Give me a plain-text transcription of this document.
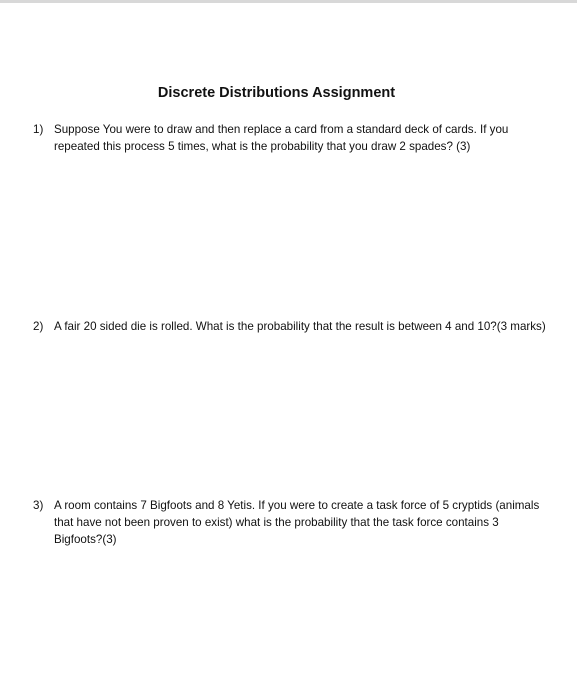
Discrete Distributions Assignment
1) Suppose You were to draw and then replace a card from a standard deck of cards. If you repeated this process 5 times, what is the probability that you draw 2 spades? (3)
2) A fair 20 sided die is rolled. What is the probability that the result is between 4 and 10?(3 marks)
3) A room contains 7 Bigfoots and 8 Yetis. If you were to create a task force of 5 cryptids (animals that have not been proven to exist) what is the probability that the task force contains 3 Bigfoots?(3)
